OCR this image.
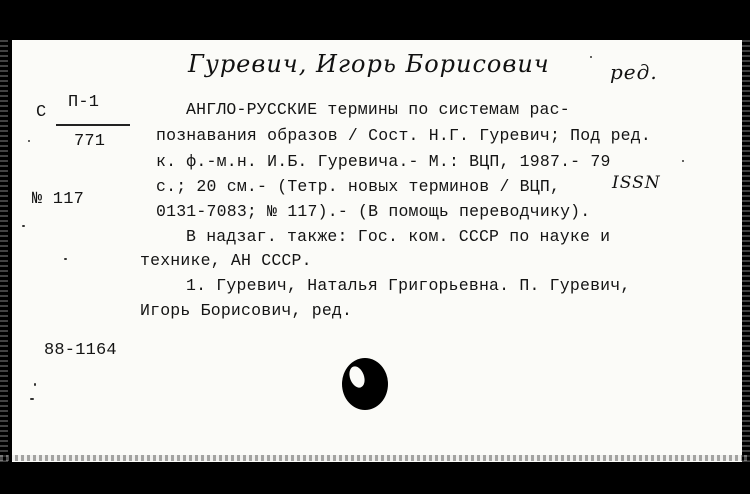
Гуревич, Игорь Борисович	ред.
С
П-1
771
№ 117
АНГЛО-РУССКИЕ термины по системам рас-
познавания образов / Сост. Н.Г. Гуревич; Под ред.
к. ф.-м.н. И.Б. Гуревича.- М.: ВЦП, 1987.- 79
с.; 20 см.- (Тетр. новых терминов / ВЦП,	ISSN
0131-7083; № 117).- (В помощь переводчику).
В надзаг. также: Гос. ком. СССР по науке и
технике, АН СССР.
1. Гуревич, Наталья Григорьевна. П. Гуревич,
Игорь Борисович, ред.
88-1164
